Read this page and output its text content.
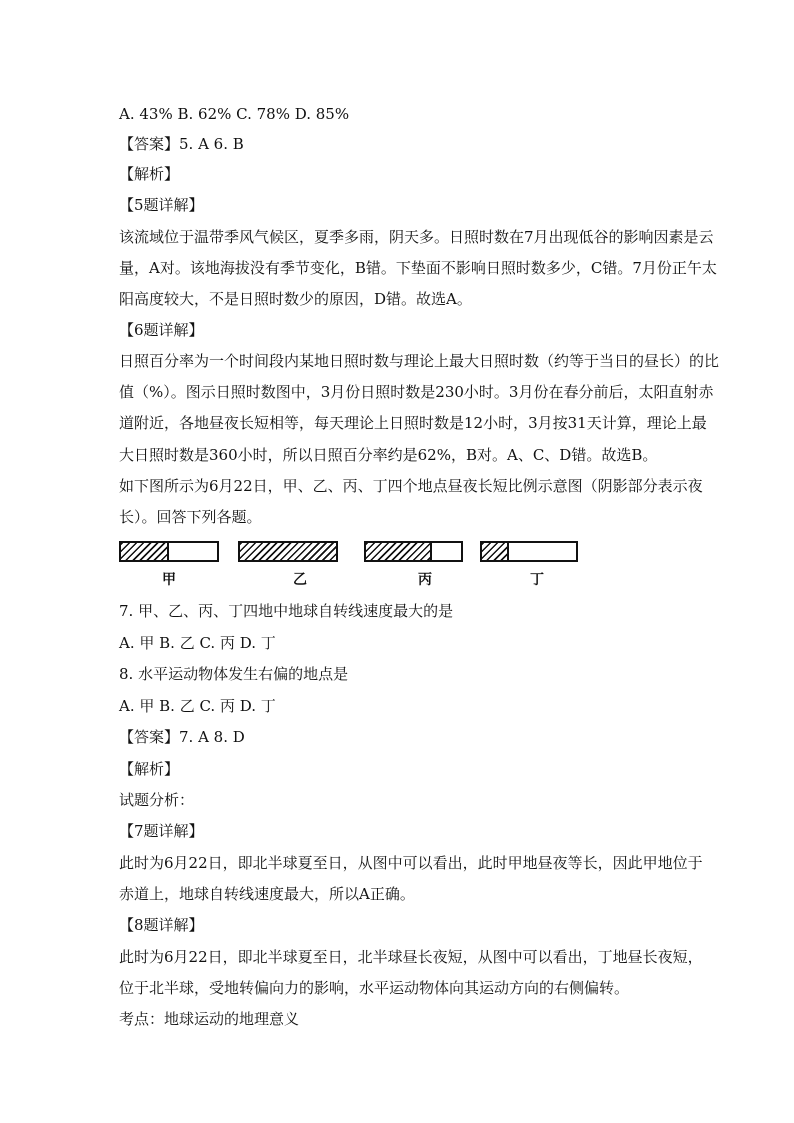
A. 43% B. 62% C. 78% D. 85%
【答案】5. A 6. B
【解析】
【5题详解】
该流域位于温带季风气候区，夏季多雨，阴天多。日照时数在7月出现低谷的影响因素是云
量，A对。该地海拔没有季节变化，B错。下垫面不影响日照时数多少，C错。7月份正午太
阳高度较大，不是日照时数少的原因，D错。故选A。
【6题详解】
日照百分率为一个时间段内某地日照时数与理论上最大日照时数（约等于当日的昼长）的比
值（%）。图示日照时数图中，3月份日照时数是230小时。3月份在春分前后，太阳直射赤
道附近，各地昼夜长短相等，每天理论上日照时数是12小时，3月按31天计算，理论上最
大日照时数是360小时，所以日照百分率约是62%，B对。A、C、D错。故选B。
如下图所示为6月22日，甲、乙、丙、丁四个地点昼夜长短比例示意图（阴影部分表示夜
长）。回答下列各题。
甲	乙	丙	丁
7. 甲、乙、丙、丁四地中地球自转线速度最大的是
A. 甲 B. 乙 C. 丙 D. 丁
8. 水平运动物体发生右偏的地点是
A. 甲 B. 乙 C. 丙 D. 丁
【答案】7. A 8. D
【解析】
试题分析：
【7题详解】
此时为6月22日，即北半球夏至日，从图中可以看出，此时甲地昼夜等长，因此甲地位于
赤道上，地球自转线速度最大，所以A正确。
【8题详解】
此时为6月22日，即北半球夏至日，北半球昼长夜短，从图中可以看出，丁地昼长夜短，
位于北半球，受地转偏向力的影响，水平运动物体向其运动方向的右侧偏转。
考点：地球运动的地理意义
